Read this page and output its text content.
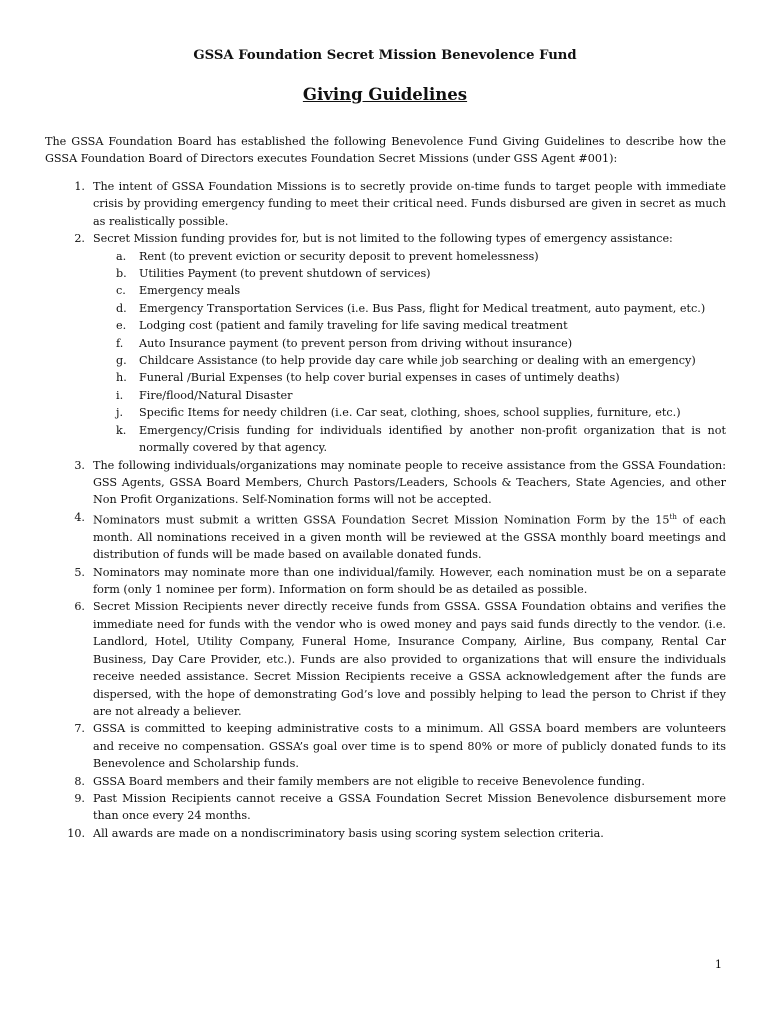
GSSA Foundation Secret Mission Benevolence Fund
Giving Guidelines
The GSSA Foundation Board has established the following Benevolence Fund Giving Guidelines to describe how the GSSA Foundation Board of Directors executes Foundation Secret Missions (under GSS Agent #001):
1. The intent of GSSA Foundation Missions is to secretly provide on-time funds to target people with immediate crisis by providing emergency funding to meet their critical need. Funds disbursed are given in secret as much as realistically possible.
2. Secret Mission funding provides for, but is not limited to the following types of emergency assistance:
a.	Rent (to prevent eviction or security deposit to prevent homelessness)
b.	Utilities Payment (to prevent shutdown of services)
c.	Emergency meals
d.	Emergency Transportation Services (i.e. Bus Pass, flight for Medical treatment, auto payment, etc.)
e.	Lodging cost (patient and family traveling for life saving medical treatment
f.	Auto Insurance payment (to prevent person from driving without insurance)
g.	Childcare Assistance (to help provide day care while job searching or dealing with an emergency)
h.	Funeral /Burial Expenses (to help cover burial expenses in cases of untimely deaths)
i.	Fire/flood/Natural Disaster
j.	Specific Items for needy children (i.e. Car seat, clothing, shoes, school supplies, furniture, etc.)
k.	Emergency/Crisis funding for individuals identified by another non-profit organization that is not normally covered by that agency.
3. The following individuals/organizations may nominate people to receive assistance from the GSSA Foundation: GSS Agents, GSSA Board Members, Church Pastors/Leaders, Schools & Teachers, State Agencies, and other Non Profit Organizations. Self-Nomination forms will not be accepted.
4. Nominators must submit a written GSSA Foundation Secret Mission Nomination Form by the 15th of each month. All nominations received in a given month will be reviewed at the GSSA monthly board meetings and distribution of funds will be made based on available donated funds.
5. Nominators may nominate more than one individual/family. However, each nomination must be on a separate form (only 1 nominee per form). Information on form should be as detailed as possible.
6. Secret Mission Recipients never directly receive funds from GSSA. GSSA Foundation obtains and verifies the immediate need for funds with the vendor who is owed money and pays said funds directly to the vendor. (i.e. Landlord, Hotel, Utility Company, Funeral Home, Insurance Company, Airline, Bus company, Rental Car Business, Day Care Provider, etc.). Funds are also provided to organizations that will ensure the individuals receive needed assistance. Secret Mission Recipients receive a GSSA acknowledgement after the funds are dispersed, with the hope of demonstrating God’s love and possibly helping to lead the person to Christ if they are not already a believer.
7. GSSA is committed to keeping administrative costs to a minimum. All GSSA board members are volunteers and receive no compensation. GSSA’s goal over time is to spend 80% or more of publicly donated funds to its Benevolence and Scholarship funds.
8. GSSA Board members and their family members are not eligible to receive Benevolence funding.
9. Past Mission Recipients cannot receive a GSSA Foundation Secret Mission Benevolence disbursement more than once every 24 months.
10. All awards are made on a nondiscriminatory basis using scoring system selection criteria.
1
